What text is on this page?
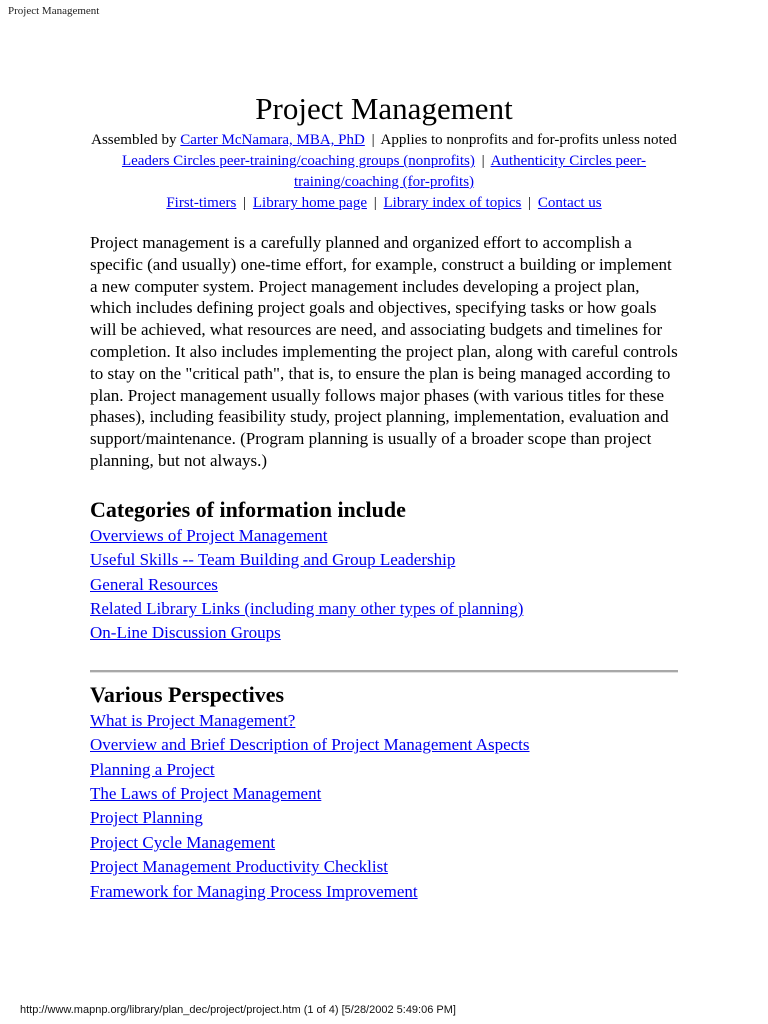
Project Management
Project Management
Assembled by Carter McNamara, MBA, PhD | Applies to nonprofits and for-profits unless noted
Leaders Circles peer-training/coaching groups (nonprofits) | Authenticity Circles peer-training/coaching (for-profits)
First-timers | Library home page | Library index of topics | Contact us

Project management is a carefully planned and organized effort to accomplish a specific (and usually) one-time effort, for example, construct a building or implement a new computer system. Project management includes developing a project plan, which includes defining project goals and objectives, specifying tasks or how goals will be achieved, what resources are need, and associating budgets and timelines for completion. It also includes implementing the project plan, along with careful controls to stay on the "critical path", that is, to ensure the plan is being managed according to plan. Project management usually follows major phases (with various titles for these phases), including feasibility study, project planning, implementation, evaluation and support/maintenance. (Program planning is usually of a broader scope than project planning, but not always.)

Categories of information include
Overviews of Project Management
Useful Skills -- Team Building and Group Leadership
General Resources
Related Library Links (including many other types of planning)
On-Line Discussion Groups
Various Perspectives
What is Project Management?
Overview and Brief Description of Project Management Aspects
Planning a Project
The Laws of Project Management
Project Planning
Project Cycle Management
Project Management Productivity Checklist
Framework for Managing Process Improvement
http://www.mapnp.org/library/plan_dec/project/project.htm (1 of 4) [5/28/2002 5:49:06 PM]
